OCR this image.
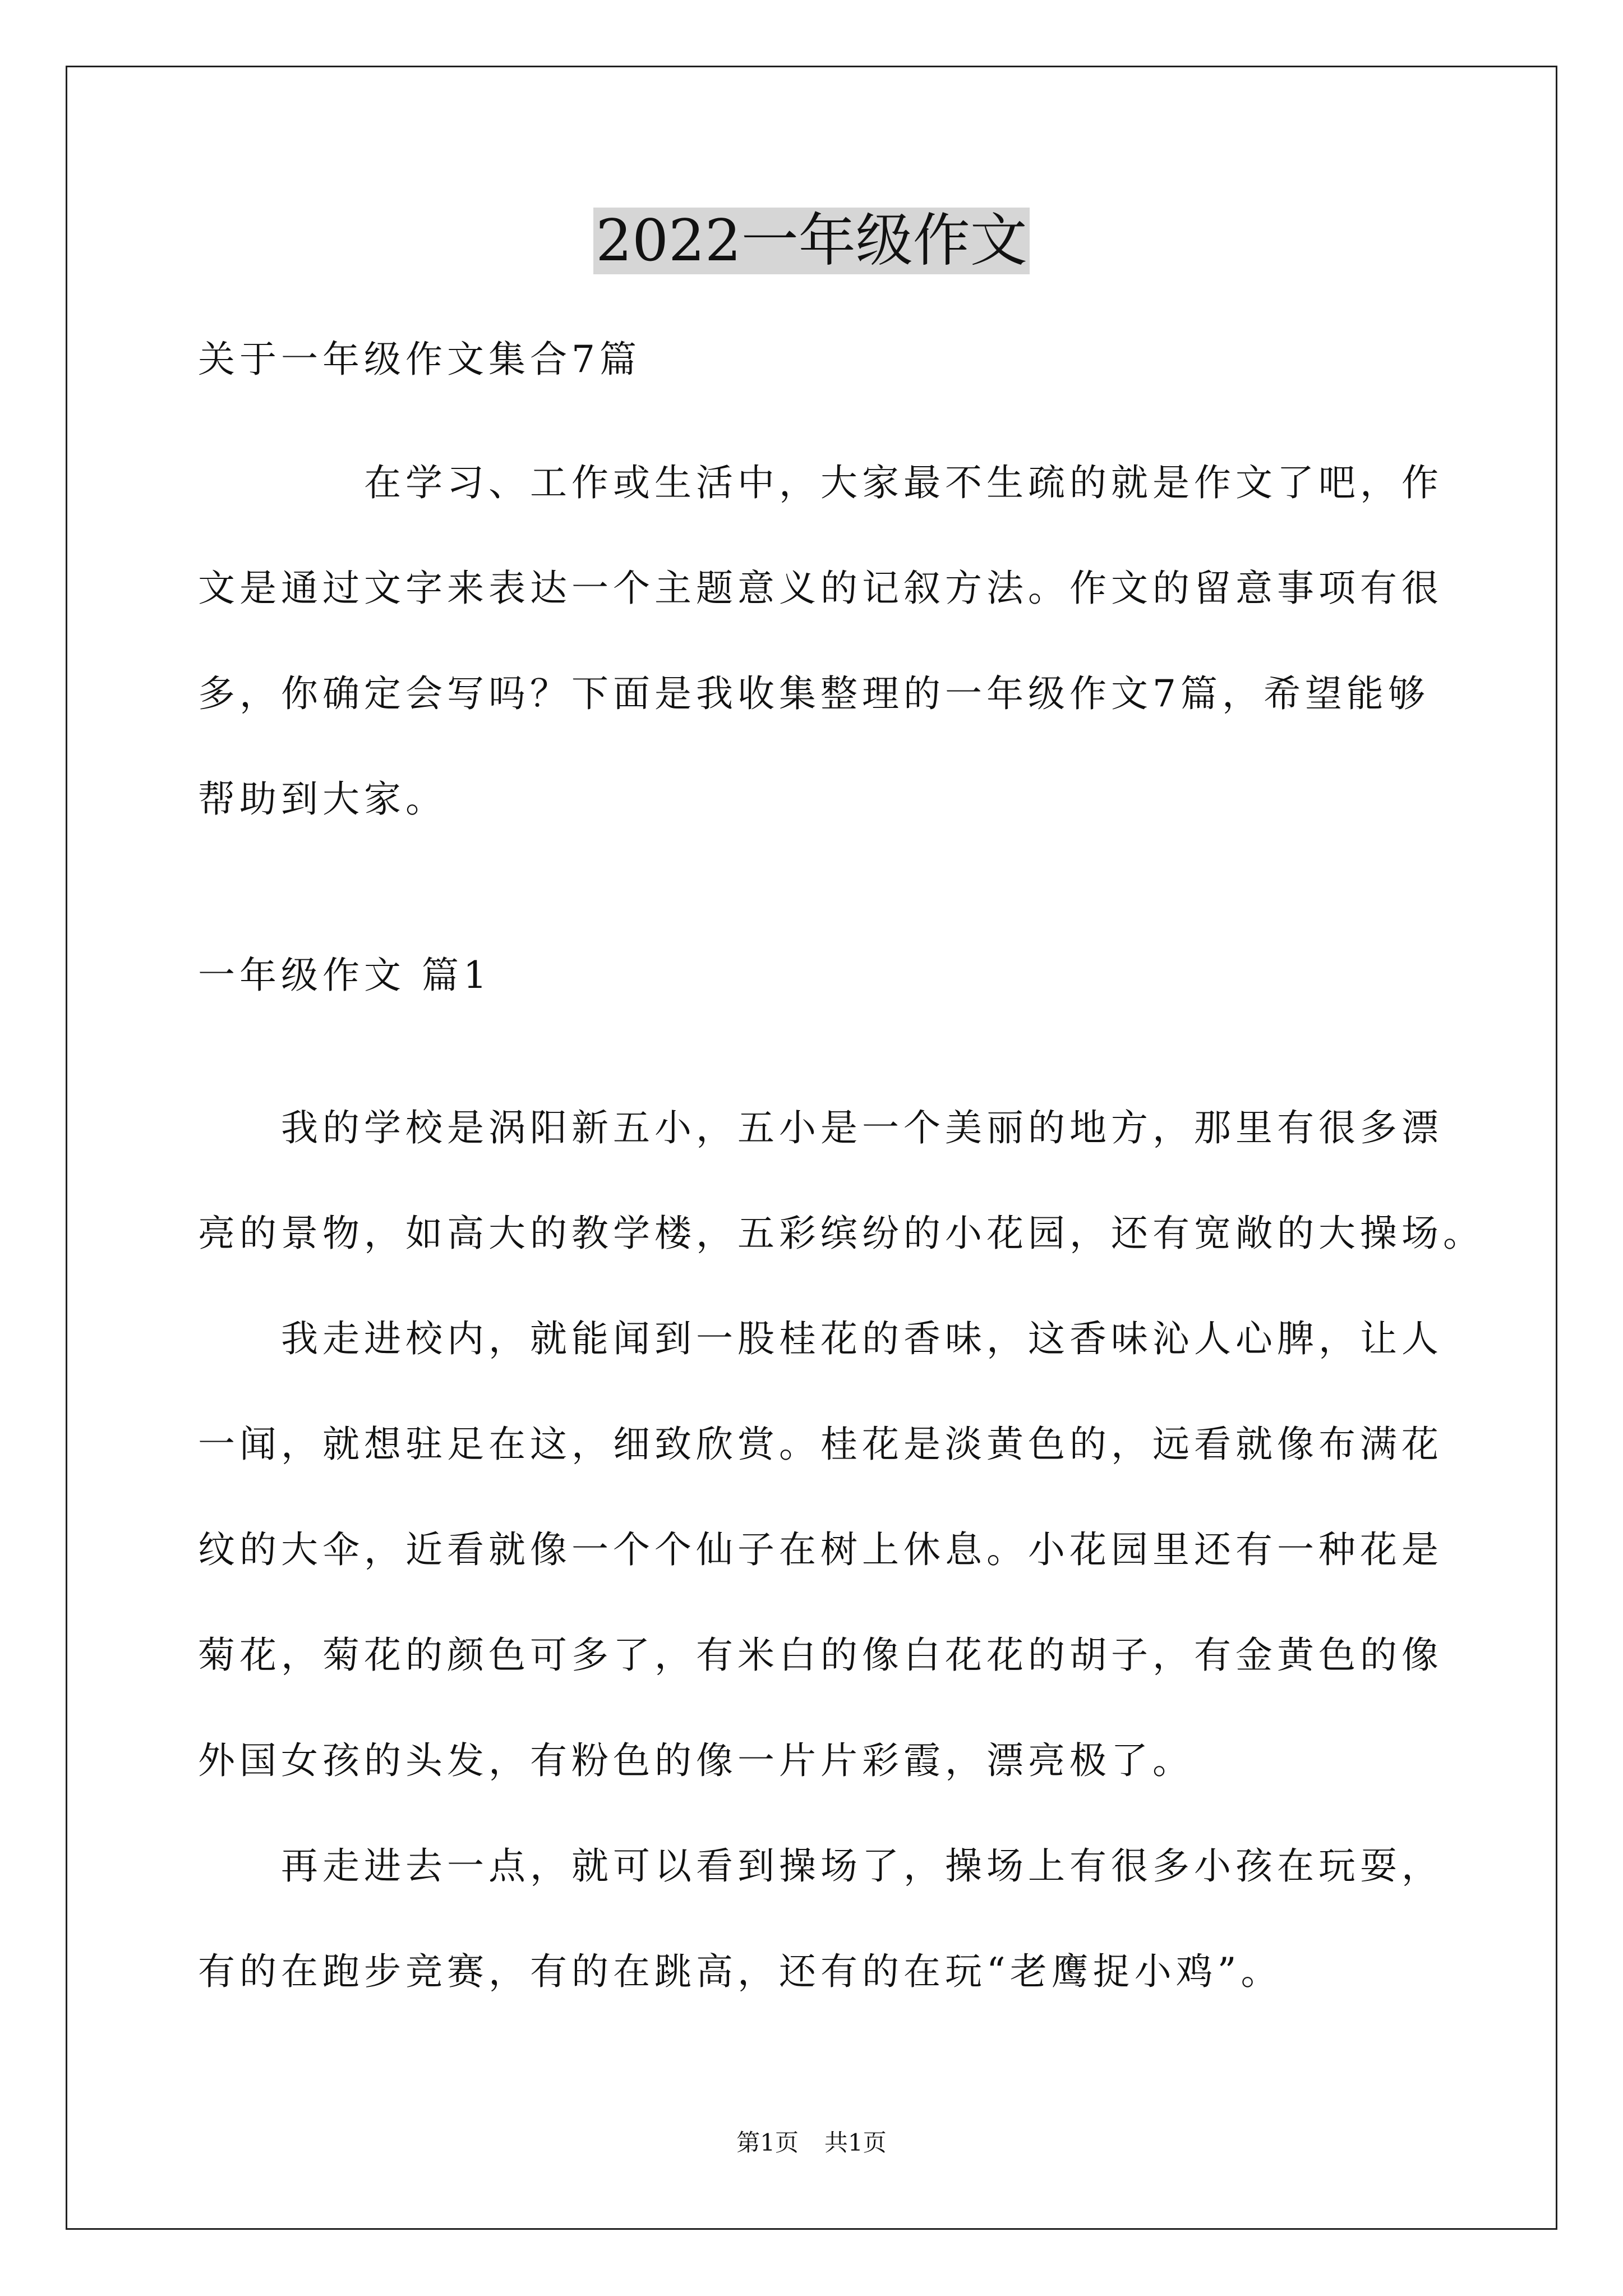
2022一年级作文
关于一年级作文集合7篇
　　　　在学习、工作或生活中，大家最不生疏的就是作文了吧，作
文是通过文字来表达一个主题意义的记叙方法。作文的留意事项有很
多，你确定会写吗？下面是我收集整理的一年级作文7篇，希望能够
帮助到大家。
一年级作文 篇1
　　我的学校是涡阳新五小，五小是一个美丽的地方，那里有很多漂
亮的景物，如高大的教学楼，五彩缤纷的小花园，还有宽敞的大操场。
　　我走进校内，就能闻到一股桂花的香味，这香味沁人心脾，让人
一闻，就想驻足在这，细致欣赏。桂花是淡黄色的，远看就像布满花
纹的大伞，近看就像一个个仙子在树上休息。小花园里还有一种花是
菊花，菊花的颜色可多了，有米白的像白花花的胡子，有金黄色的像
外国女孩的头发，有粉色的像一片片彩霞，漂亮极了。
　　再走进去一点，就可以看到操场了，操场上有很多小孩在玩耍，
有的在跑步竞赛，有的在跳高，还有的在玩“老鹰捉小鸡”。
第1页 共1页
